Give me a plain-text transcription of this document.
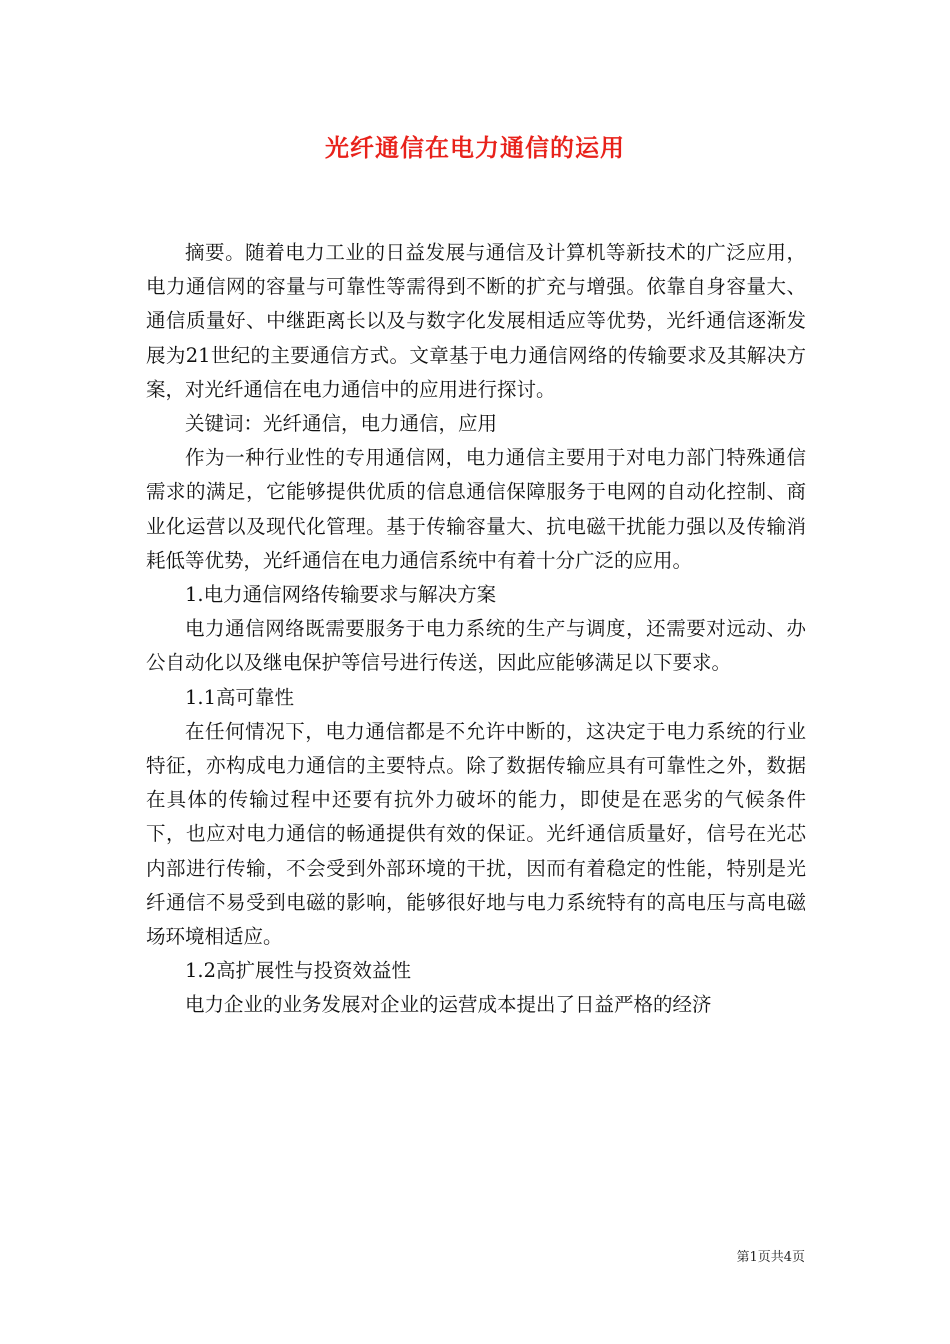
光纤通信在电力通信的运用

摘要。随着电力工业的日益发展与通信及计算机等新技术的广泛应用，电力通信网的容量与可靠性等需得到不断的扩充与增强。依靠自身容量大、通信质量好、中继距离长以及与数字化发展相适应等优势，光纤通信逐渐发展为21世纪的主要通信方式。文章基于电力通信网络的传输要求及其解决方案，对光纤通信在电力通信中的应用进行探讨。

关键词：光纤通信，电力通信，应用

作为一种行业性的专用通信网，电力通信主要用于对电力部门特殊通信需求的满足，它能够提供优质的信息通信保障服务于电网的自动化控制、商业化运营以及现代化管理。基于传输容量大、抗电磁干扰能力强以及传输消耗低等优势，光纤通信在电力通信系统中有着十分广泛的应用。

1.电力通信网络传输要求与解决方案

电力通信网络既需要服务于电力系统的生产与调度，还需要对远动、办公自动化以及继电保护等信号进行传送，因此应能够满足以下要求。

1.1高可靠性

在任何情况下，电力通信都是不允许中断的，这决定于电力系统的行业特征，亦构成电力通信的主要特点。除了数据传输应具有可靠性之外，数据在具体的传输过程中还要有抗外力破坏的能力，即使是在恶劣的气候条件下，也应对电力通信的畅通提供有效的保证。光纤通信质量好，信号在光芯内部进行传输，不会受到外部环境的干扰，因而有着稳定的性能，特别是光纤通信不易受到电磁的影响，能够很好地与电力系统特有的高电压与高电磁场环境相适应。

1.2高扩展性与投资效益性

电力企业的业务发展对企业的运营成本提出了日益严格的经济

第1页共4页
